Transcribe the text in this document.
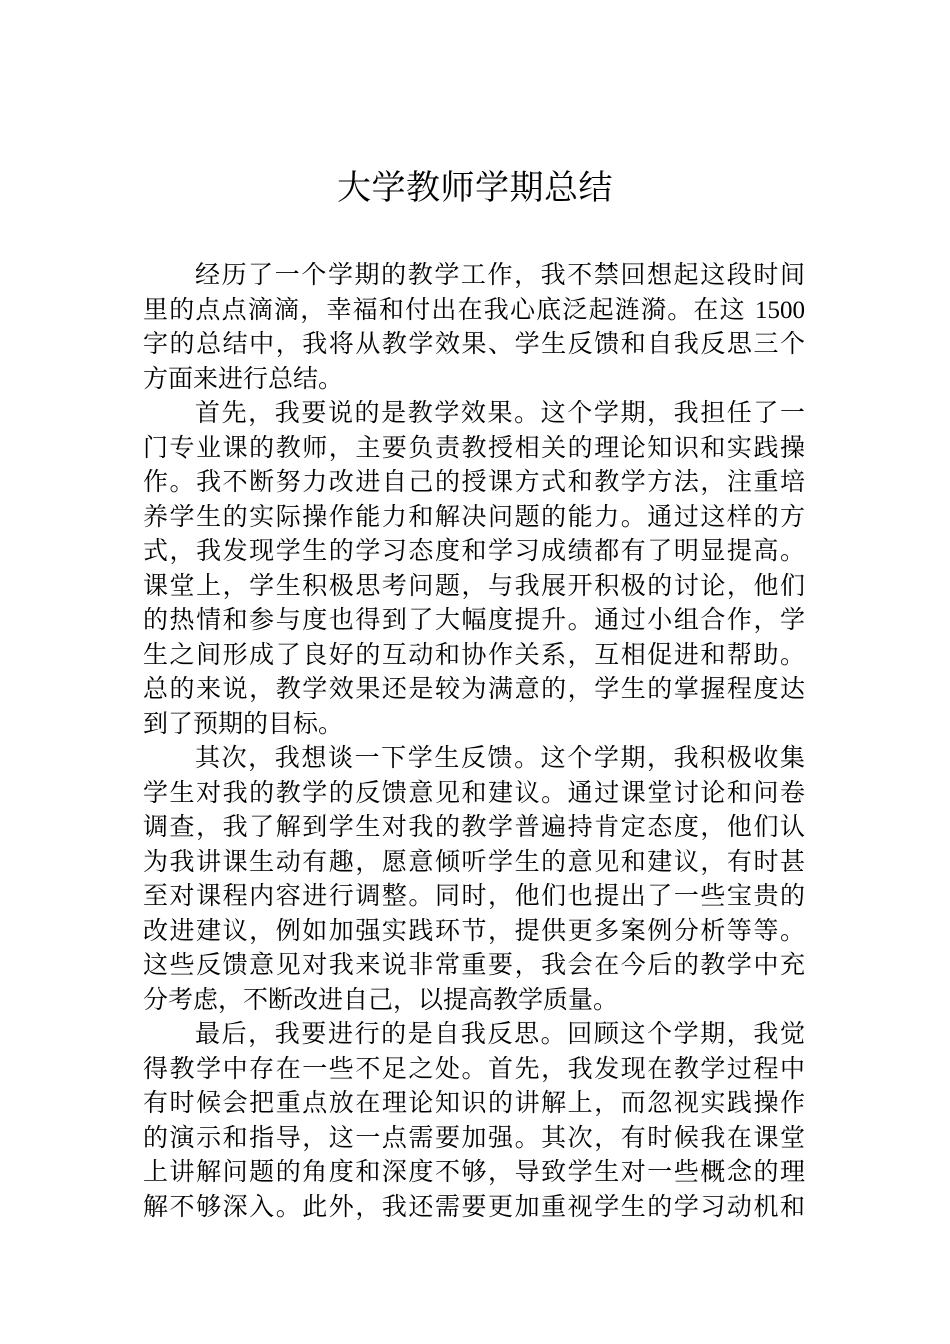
大学教师学期总结
经历了一个学期的教学工作，我不禁回想起这段时间
里的点点滴滴，幸福和付出在我心底泛起涟漪。在这 1500
字的总结中，我将从教学效果、学生反馈和自我反思三个
方面来进行总结。
首先，我要说的是教学效果。这个学期，我担任了一
门专业课的教师，主要负责教授相关的理论知识和实践操
作。我不断努力改进自己的授课方式和教学方法，注重培
养学生的实际操作能力和解决问题的能力。通过这样的方
式，我发现学生的学习态度和学习成绩都有了明显提高。
课堂上，学生积极思考问题，与我展开积极的讨论，他们
的热情和参与度也得到了大幅度提升。通过小组合作，学
生之间形成了良好的互动和协作关系，互相促进和帮助。
总的来说，教学效果还是较为满意的，学生的掌握程度达
到了预期的目标。
其次，我想谈一下学生反馈。这个学期，我积极收集
学生对我的教学的反馈意见和建议。通过课堂讨论和问卷
调查，我了解到学生对我的教学普遍持肯定态度，他们认
为我讲课生动有趣，愿意倾听学生的意见和建议，有时甚
至对课程内容进行调整。同时，他们也提出了一些宝贵的
改进建议，例如加强实践环节，提供更多案例分析等等。
这些反馈意见对我来说非常重要，我会在今后的教学中充
分考虑，不断改进自己，以提高教学质量。
最后，我要进行的是自我反思。回顾这个学期，我觉
得教学中存在一些不足之处。首先，我发现在教学过程中
有时候会把重点放在理论知识的讲解上，而忽视实践操作
的演示和指导，这一点需要加强。其次，有时候我在课堂
上讲解问题的角度和深度不够，导致学生对一些概念的理
解不够深入。此外，我还需要更加重视学生的学习动机和
